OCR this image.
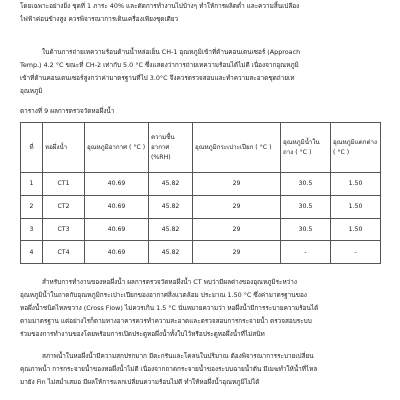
โดยเฉพาะอย่างยิ่ง ชุดที่ 1 ภาระ 40% และดัดการทำงานไปบ้างๆ ทำให้การผลิตต่ำ และความสิ้นเปลือง
ไฟฟ้าค่อนข้างสูง ควรพิจารณาการเดินเครื่องเพียงชุดเดียว

ในด้านการถ่ายเทความร้อนด้านน้ำหล่อเย็น CH-1 อุณหภูมิเข้าที่ด้านคอนเดนเซอร์ (Approach
Temp.) 4.2 °C ขณะที่ CH-2 เท่ากับ 5.0 °C ซึ่งแสดงว่าการถ่ายเทความร้อนได้ไม่ดี เนื่องจากอุณหภูมิ
เข้าที่ด้านคอนเดนเซอร์สูงกว่าค่ามาตรฐานที่ไป 3.0°C จึงควรตรวจสอบและทำความสะอาดชุดถ่ายเท
อุณหภูมิ

ตารางที่ 9 ผลการตรวจวัดหอผึ่งน้ำ
ที่	หอผึ่งน้ำ	อุณหภูมิอากาศ ( °C )	ความชื้นอากาศ (%RH)	อุณหภูมิกระเปาะเปียก ( °C )	อุณหภูมิน้ำในถาง ( °C )	อุณหภูมิแตกต่าง ( °C )
1	CT1	40.69	45.82	29	30.5	1.50
2	CT2	40.69	45.82	29	30.5	1.50
3	CT3	40.69	45.82	29	30.5	1.50
4	CT4	40.69	45.82	29	-	-

สำหรับการทำงานของหอผึ่งน้ำ ผลการตรวจวัดหอผึ่งน้ำ CT พบว่ามีผลต่างของอุณหภูมิระหว่าง
อุณหภูมิน้ำในถาดกับอุณหภูมิกระเปาะเปียกของอากาศสิ่งแวดล้อม ประมาณ 1.50 °C ซึ่งค่ามาตรฐานของ
หอผึ่งน้ำชนิดไหลขวาง (Cross Flow) ไม่ควรเกิน 1.5 °C นั่นหมายความว่า หอผึ่งน้ำมีการระบายความร้อนได้
ตามมาตรฐาน แต่อย่างไรก็ตามทางอาคารควรทำความสะอาดและตรวจสอบการกระจายน้ำ ตรวจสอบระบบ
ร่วมของการทำงานของโดยพร้อมการเปิดประตูหอผึ่งน้ำทั้งใบไว้หรือประตูหอผึ่งน้ำที่ไม่สนิท

สภาพน้ำในหอผึ่งน้ำมีความสกปรกมาก มีตะกรันและโคลนในปริมาณ ต้องพิจารณาการระบายเปลี่ยน
คุณภาพน้ำ การกระจายน้ำของหอผึ่งน้ำไม่ดี เนื่องจากถาดกระจายน้ำของระบบฉายน้ำตัน มีเมฆทำให้น้ำที่ไหล
มายัง Fin ไม่สม่ำเสมอ มีผลให้การแลกเปลี่ยนความร้อนไม่ดี ทำให้หอผึ่งน้ำอุณหภูมิไม่ได้
